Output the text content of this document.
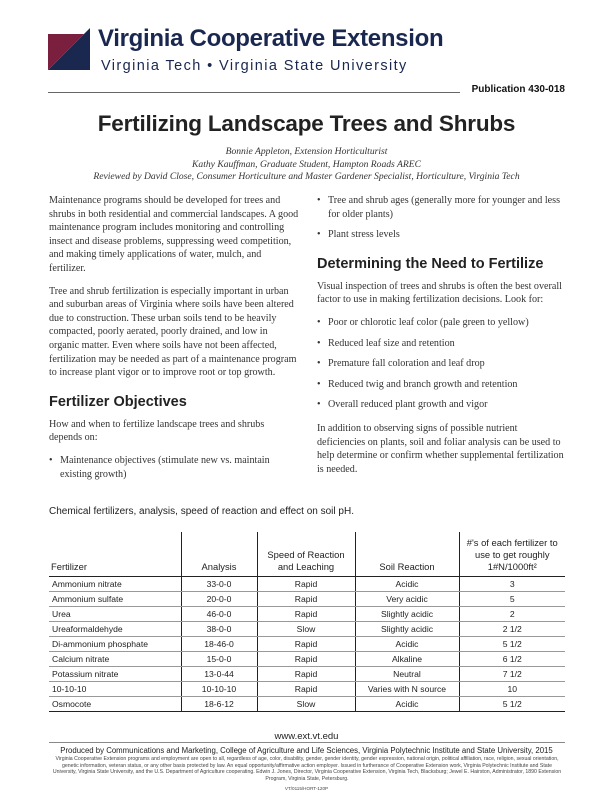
Virginia Cooperative Extension
Virginia Tech • Virginia State University
Publication 430-018
Fertilizing Landscape Trees and Shrubs
Bonnie Appleton, Extension Horticulturist
Kathy Kauffman, Graduate Student, Hampton Roads AREC
Reviewed by David Close, Consumer Horticulture and Master Gardener Specialist, Horticulture, Virginia Tech

Maintenance programs should be developed for trees and shrubs in both residential and commercial landscapes. A good maintenance program includes monitoring and controlling insect and disease problems, suppressing weed competition, and making timely applications of water, mulch, and fertilizer.

Tree and shrub fertilization is especially important in urban and suburban areas of Virginia where soils have been altered due to construction. These urban soils tend to be heavily compacted, poorly aerated, poorly drained, and low in organic matter. Even where soils have not been affected, fertilization may be needed as part of a maintenance program to increase plant vigor or to improve root or top growth.

Fertilizer Objectives

How and when to fertilize landscape trees and shrubs depends on:

• Maintenance objectives (stimulate new vs. maintain existing growth)
• Tree and shrub ages (generally more for younger and less for older plants)
• Plant stress levels
Determining the Need to Fertilize

Visual inspection of trees and shrubs is often the best overall factor to use in making fertilization decisions. Look for:

• Poor or chlorotic leaf color (pale green to yellow)
• Reduced leaf size and retention
• Premature fall coloration and leaf drop
• Reduced twig and branch growth and retention
• Overall reduced plant growth and vigor

In addition to observing signs of possible nutrient deficiencies on plants, soil and foliar analysis can be used to help determine or confirm whether supplemental fertilization is needed.

Chemical fertilizers, analysis, speed of reaction and effect on soil pH.
Fertilizer	Analysis	Speed of Reaction and Leaching	Soil Reaction	#'s of each fertilizer to use to get roughly 1#N/1000ft²
Ammonium nitrate	33-0-0	Rapid	Acidic	3
Ammonium sulfate	20-0-0	Rapid	Very acidic	5
Urea	46-0-0	Rapid	Slightly acidic	2
Ureaformaldehyde	38-0-0	Slow	Slightly acidic	2 1/2
Di-ammonium phosphate	18-46-0	Rapid	Acidic	5 1/2
Calcium nitrate	15-0-0	Rapid	Alkaline	6 1/2
Potassium nitrate	13-0-44	Rapid	Neutral	7 1/2
10-10-10	10-10-10	Rapid	Varies with N source	10
Osmocote	18-6-12	Slow	Acidic	5 1/2
www.ext.vt.edu
Produced by Communications and Marketing, College of Agriculture and Life Sciences, Virginia Polytechnic Institute and State University, 2015
Virginia Cooperative Extension programs and employment are open to all, regardless of age, color, disability, gender, gender identity, gender expression, national origin, political affiliation, race, religion, sexual orientation, genetic information, veteran status, or any other basis protected by law. An equal opportunity/affirmative action employer. Issued in furtherance of Cooperative Extension work, Virginia Polytechnic Institute and State University, Virginia State University, and the U.S. Department of Agriculture cooperating. Edwin J. Jones, Director, Virginia Cooperative Extension, Virginia Tech, Blacksburg; Jewel E. Hairston, Administrator, 1890 Extension Program, Virginia State, Petersburg.
VT/0115/HORT-120P
